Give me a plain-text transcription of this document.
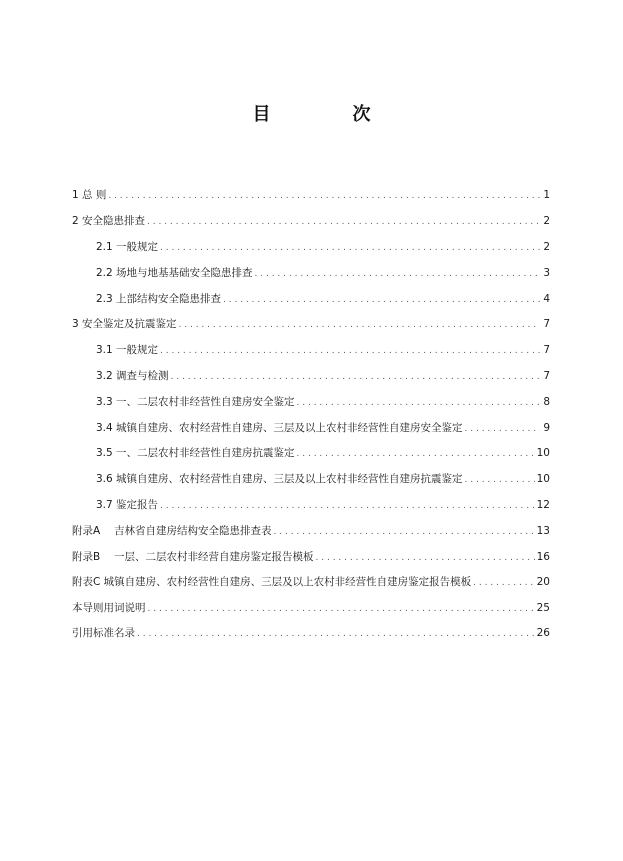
目　次
1 总 则 . . .	1
2 安全隐患排查 . . .	2
2.1 一般规定 . . .	2
2.2 场地与地基基础安全隐患排查 . . .	3
2.3 上部结构安全隐患排查 . . .	4
3 安全鉴定及抗震鉴定 . . .	7
3.1 一般规定 . . .	7
3.2 调查与检测 . . .	7
3.3 一、二层农村非经营性自建房安全鉴定 . . .	8
3.4 城镇自建房、农村经营性自建房、三层及以上农村非经营性自建房安全鉴定 . . .	9
3.5 一、二层农村非经营性自建房抗震鉴定 . . .	10
3.6 城镇自建房、农村经营性自建房、三层及以上农村非经营性自建房抗震鉴定 . . .	10
3.7 鉴定报告 . . .	12
附录A　 吉林省自建房结构安全隐患排查表 . . .	13
附录B　 一层、二层农村非经营自建房鉴定报告模板 . . .	16
附表C 城镇自建房、农村经营性自建房、三层及以上农村非经营性自建房鉴定报告模板 . . .	20
本导则用词说明 . . .	25
引用标准名录 . . .	26
